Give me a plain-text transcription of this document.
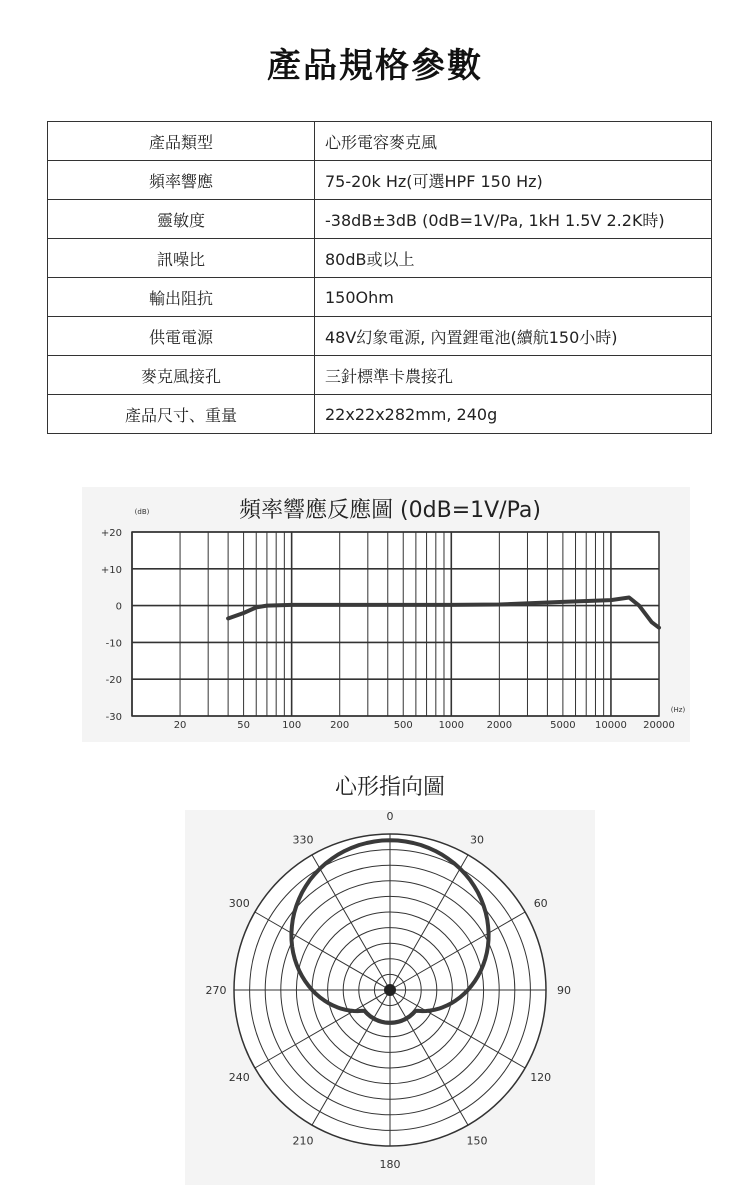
產品規格參數
產品類型	心形電容麥克風
頻率響應	75-20k Hz(可選HPF 150 Hz)
靈敏度	-38dB±3dB (0dB=1V/Pa, 1kH 1.5V 2.2K時)
訊噪比	80dB或以上
輸出阻抗	150Ohm
供電電源	48V幻象電源, 內置鋰電池(續航150小時)
麥克風接孔	三針標準卡農接孔
產品尺寸、重量	22x22x282mm, 240g
+20
+10
0
-10
-20
-30
20	50	100	200	500	1000 2000	5000 10000 20000
(dB)
(Hz)
頻率響應反應圖 (0dB=1V/Pa)
心形指向圖
0
30
60
90
120
150
180
210
240
270
300
330
